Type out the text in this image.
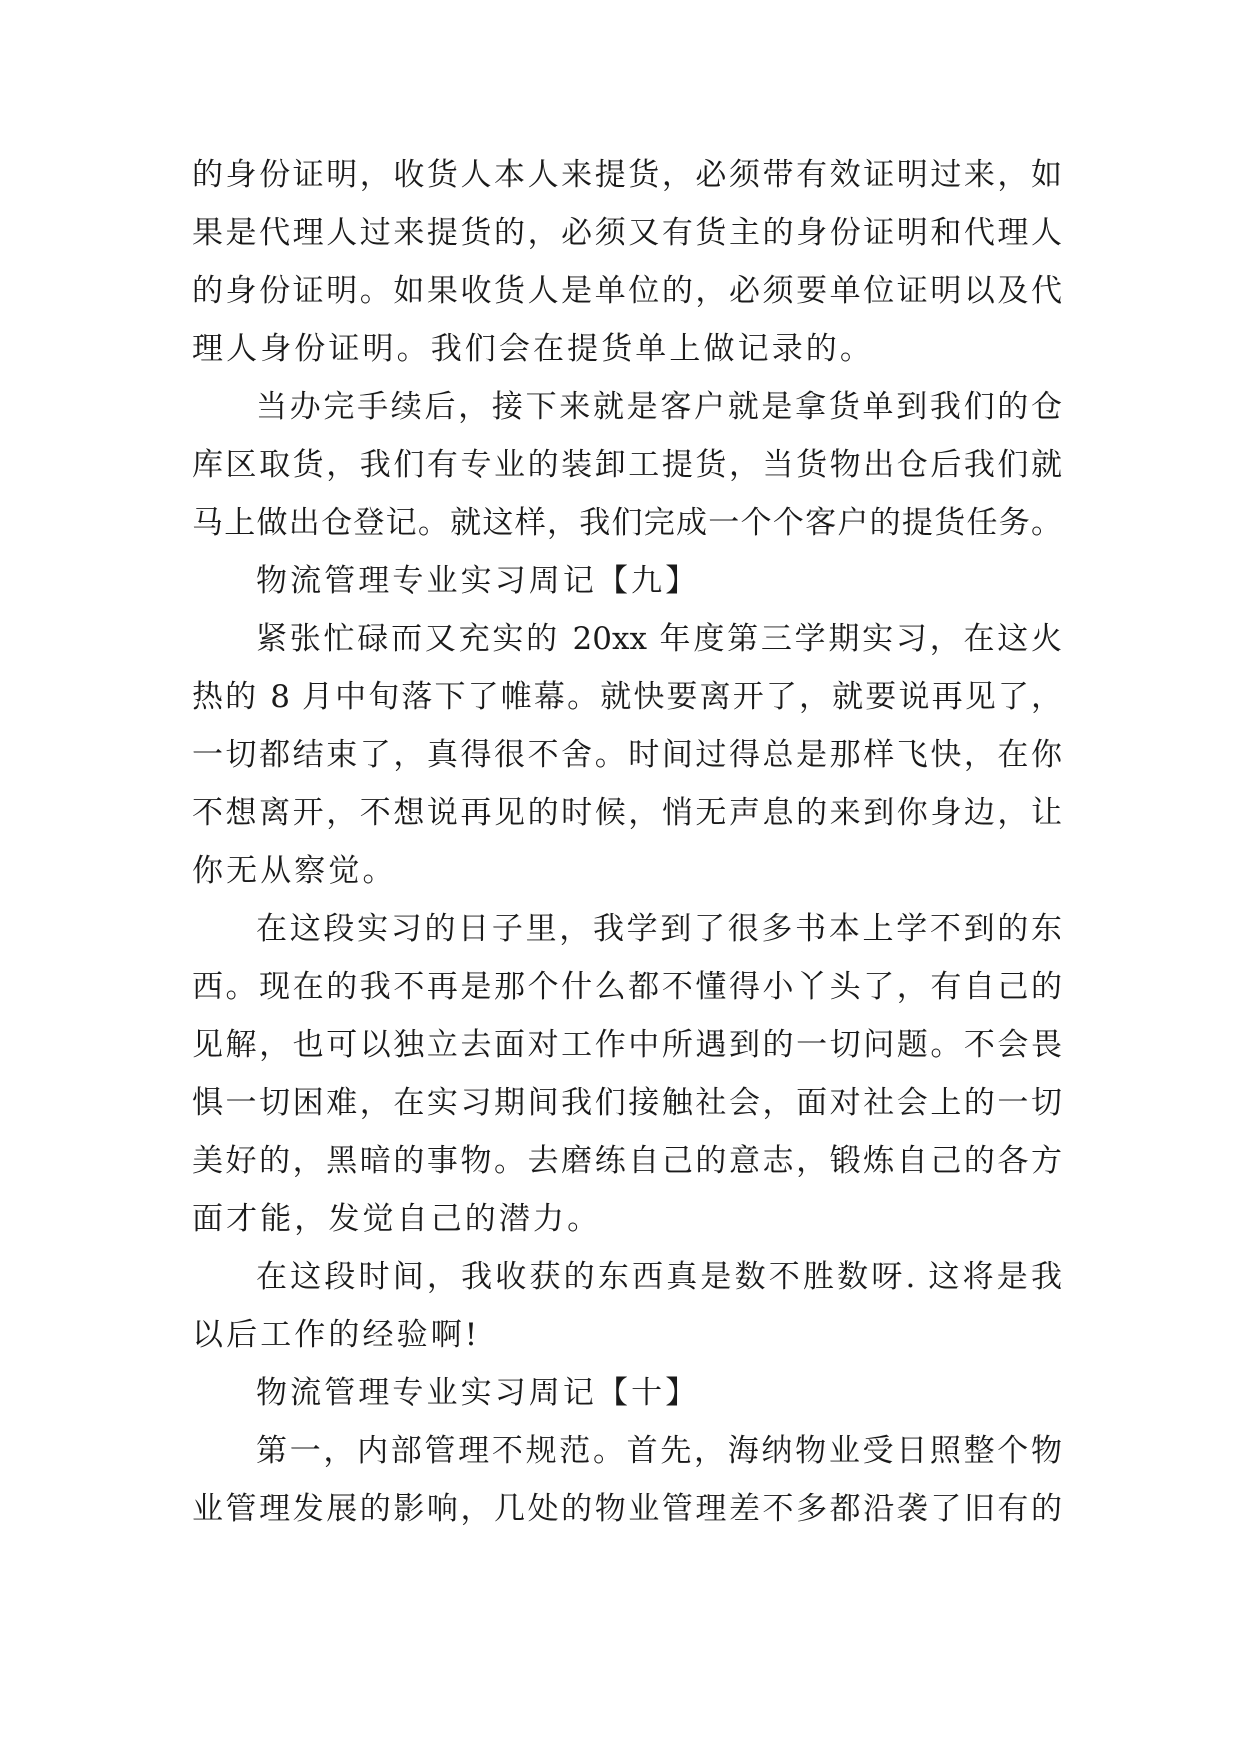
的身份证明，收货人本人来提货，必须带有效证明过来，如
果是代理人过来提货的，必须又有货主的身份证明和代理人
的身份证明。如果收货人是单位的，必须要单位证明以及代
理人身份证明。我们会在提货单上做记录的。
当办完手续后，接下来就是客户就是拿货单到我们的仓
库区取货，我们有专业的装卸工提货，当货物出仓后我们就
马上做出仓登记。就这样，我们完成一个个客户的提货任务。
物流管理专业实习周记【九】
紧张忙碌而又充实的 20xx 年度第三学期实习，在这火
热的 8 月中旬落下了帷幕。就快要离开了，就要说再见了，
一切都结束了，真得很不舍。时间过得总是那样飞快，在你
不想离开，不想说再见的时候，悄无声息的来到你身边，让
你无从察觉。
在这段实习的日子里，我学到了很多书本上学不到的东
西。现在的我不再是那个什么都不懂得小丫头了，有自己的
见解，也可以独立去面对工作中所遇到的一切问题。不会畏
惧一切困难，在实习期间我们接触社会，面对社会上的一切
美好的，黑暗的事物。去磨练自己的意志，锻炼自己的各方
面才能，发觉自己的潜力。
在这段时间，我收获的东西真是数不胜数呀. 这将是我
以后工作的经验啊!
物流管理专业实习周记【十】
第一，内部管理不规范。首先，海纳物业受日照整个物
业管理发展的影响，几处的物业管理差不多都沿袭了旧有的
